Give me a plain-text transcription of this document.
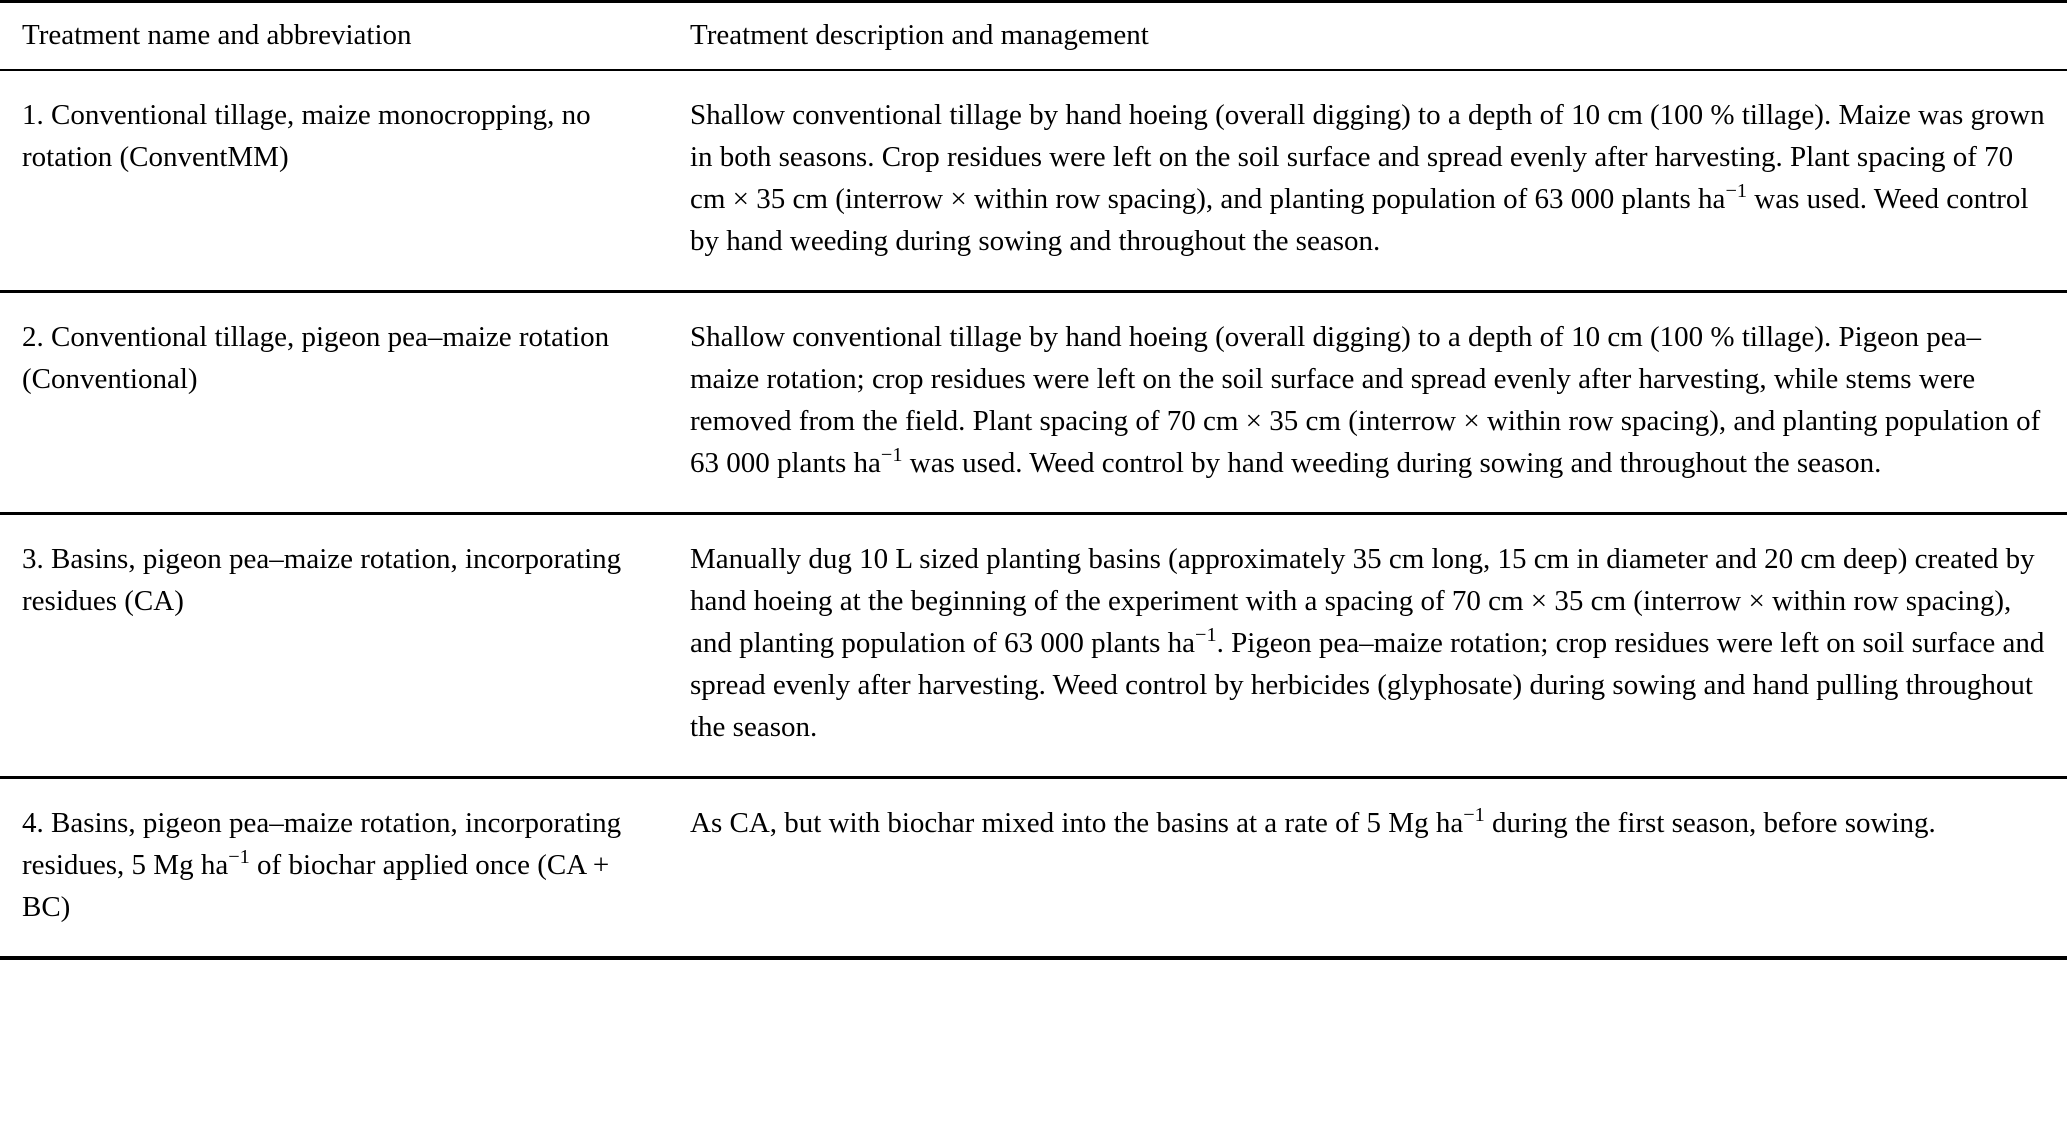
Treatment name and abbreviation	Treatment description and management
1. Conventional tillage, maize monocropping, no rotation (ConventMM)
Shallow conventional tillage by hand hoeing (overall digging) to a depth of 10 cm (100 % tillage). Maize was grown in both seasons. Crop residues were left on the soil surface and spread evenly after harvesting. Plant spacing of 70 cm × 35 cm (interrow × within row spacing), and planting population of 63 000 plants $ha^{-1}$ was used. Weed control by hand weeding during sowing and throughout the season.
2. Conventional tillage, pigeon pea–maize rotation (Conventional)
Shallow conventional tillage by hand hoeing (overall digging) to a depth of 10 cm (100 % tillage). Pigeon pea–maize rotation; crop residues were left on the soil surface and spread evenly after harvesting, while stems were removed from the field. Plant spacing of 70 cm × 35 cm (interrow × within row spacing), and planting population of 63 000 plants $ha^{-1}$ was used. Weed control by hand weeding during sowing and throughout the season.
3. Basins, pigeon pea–maize rotation, incorporating residues (CA)
Manually dug 10 L sized planting basins (approximately 35 cm long, 15 cm in diameter and 20 cm deep) created by hand hoeing at the beginning of the experiment with a spacing of 70 cm × 35 cm (interrow × within row spacing), and planting population of 63 000 plants $ha^{-1}$. Pigeon pea–maize rotation; crop residues were left on soil surface and spread evenly after harvesting. Weed control by herbicides (glyphosate) during sowing and hand pulling throughout the season.
4. Basins, pigeon pea–maize rotation, incorporating residues, 5 Mg $ha^{-1}$ of biochar applied once (CA + BC)
As CA, but with biochar mixed into the basins at a rate of 5 Mg $ha^{-1}$ during the first season, before sowing.
